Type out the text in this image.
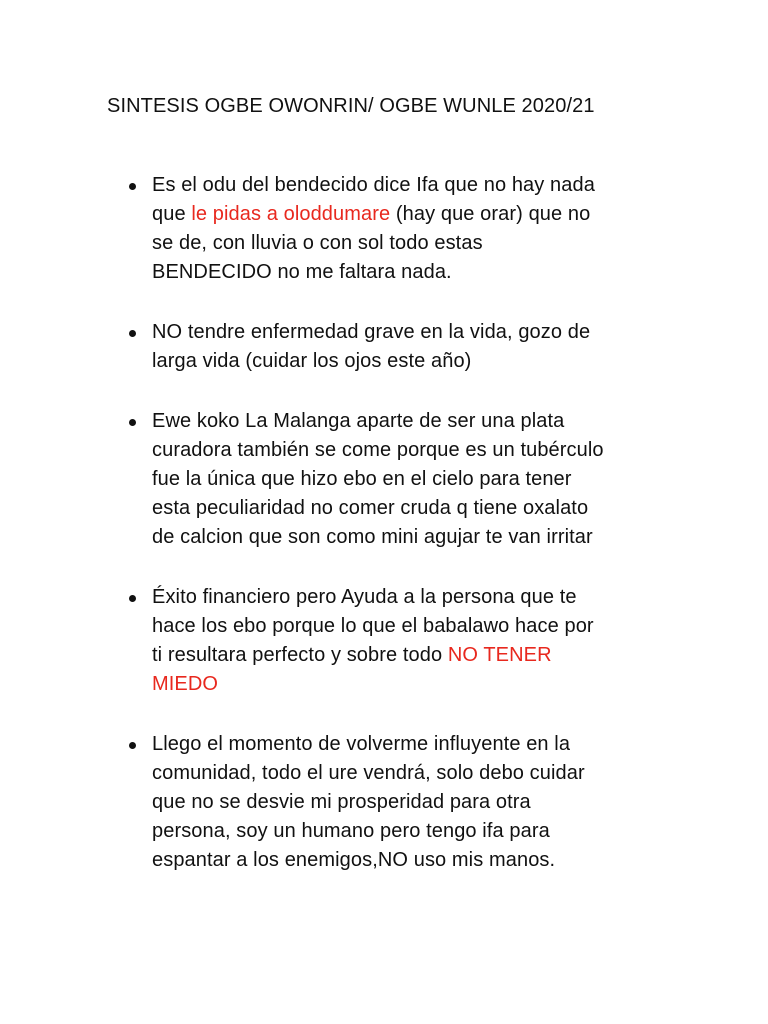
SINTESIS OGBE OWONRIN/ OGBE WUNLE 2020/21
Es el odu del bendecido dice Ifa que no hay nada
que le pidas a oloddumare (hay que orar) que no
se de, con lluvia o con sol todo estas
BENDECIDO no me faltara nada.
NO tendre enfermedad grave en la vida, gozo de
larga vida (cuidar los ojos este año)
Ewe koko La Malanga aparte de ser una plata
curadora también se come porque es un tubérculo
fue la única que hizo ebo en el cielo para tener
esta peculiaridad no comer cruda q tiene oxalato
de calcion que son como mini agujar te van irritar
Éxito financiero pero Ayuda a la persona que te
hace los ebo porque lo que el babalawo hace por
ti resultara perfecto y sobre todo NO TENER
MIEDO
Llego el momento de volverme influyente en la
comunidad, todo el ure vendrá, solo debo cuidar
que no se desvie mi prosperidad para otra
persona, soy un humano pero tengo ifa para
espantar a los enemigos,NO uso mis manos.
